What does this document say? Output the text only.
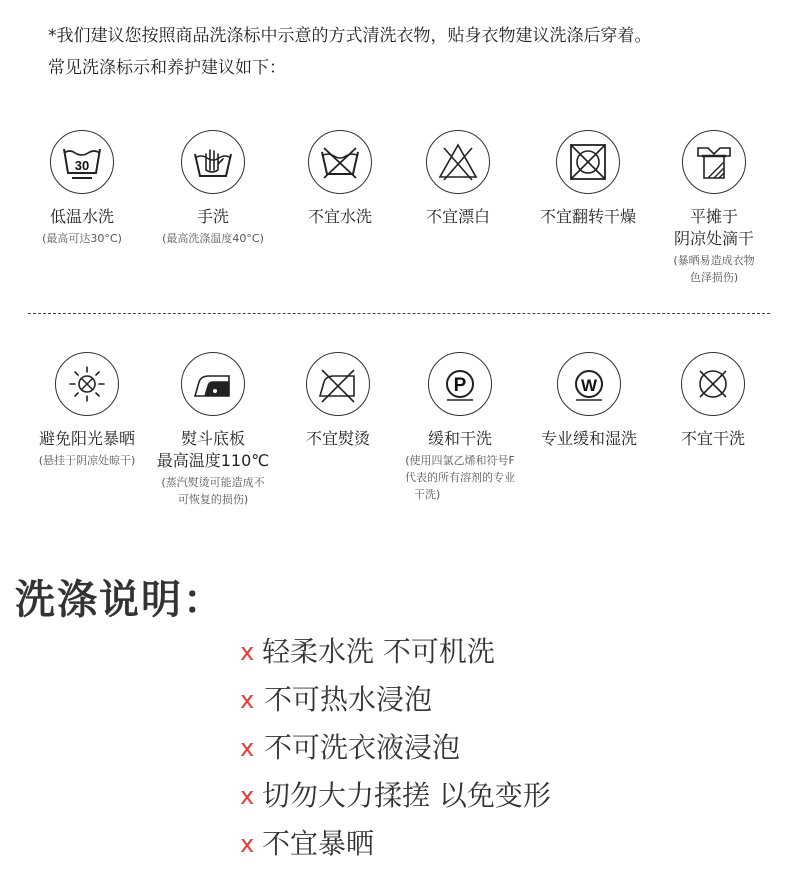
*我们建议您按照商品洗涤标中示意的方式清洗衣物，贴身衣物建议洗涤后穿着。
常见洗涤标示和养护建议如下：
30
低温水洗
(最高可达30°C)
手洗
(最高洗涤温度40°C)
不宜水洗	不宜漂白	不宜翻转干燥	平摊于
阴凉处滴干
(暴晒易造成衣物
色泽损伤)
避免阳光暴晒
(悬挂于阴凉处晾干)
熨斗底板
最高温度110℃
(蒸汽熨烫可能造成不
可恢复的损伤)
不宜熨烫
P
缓和干洗
(使用四氯乙烯和符号F
代表的所有溶剂的专业
干洗)
W
专业缓和湿洗	不宜干洗
洗涤说明：
x 轻柔水洗 不可机洗
x 不可热水浸泡
x 不可洗衣液浸泡
x 切勿大力揉搓 以免变形
x 不宜暴晒
